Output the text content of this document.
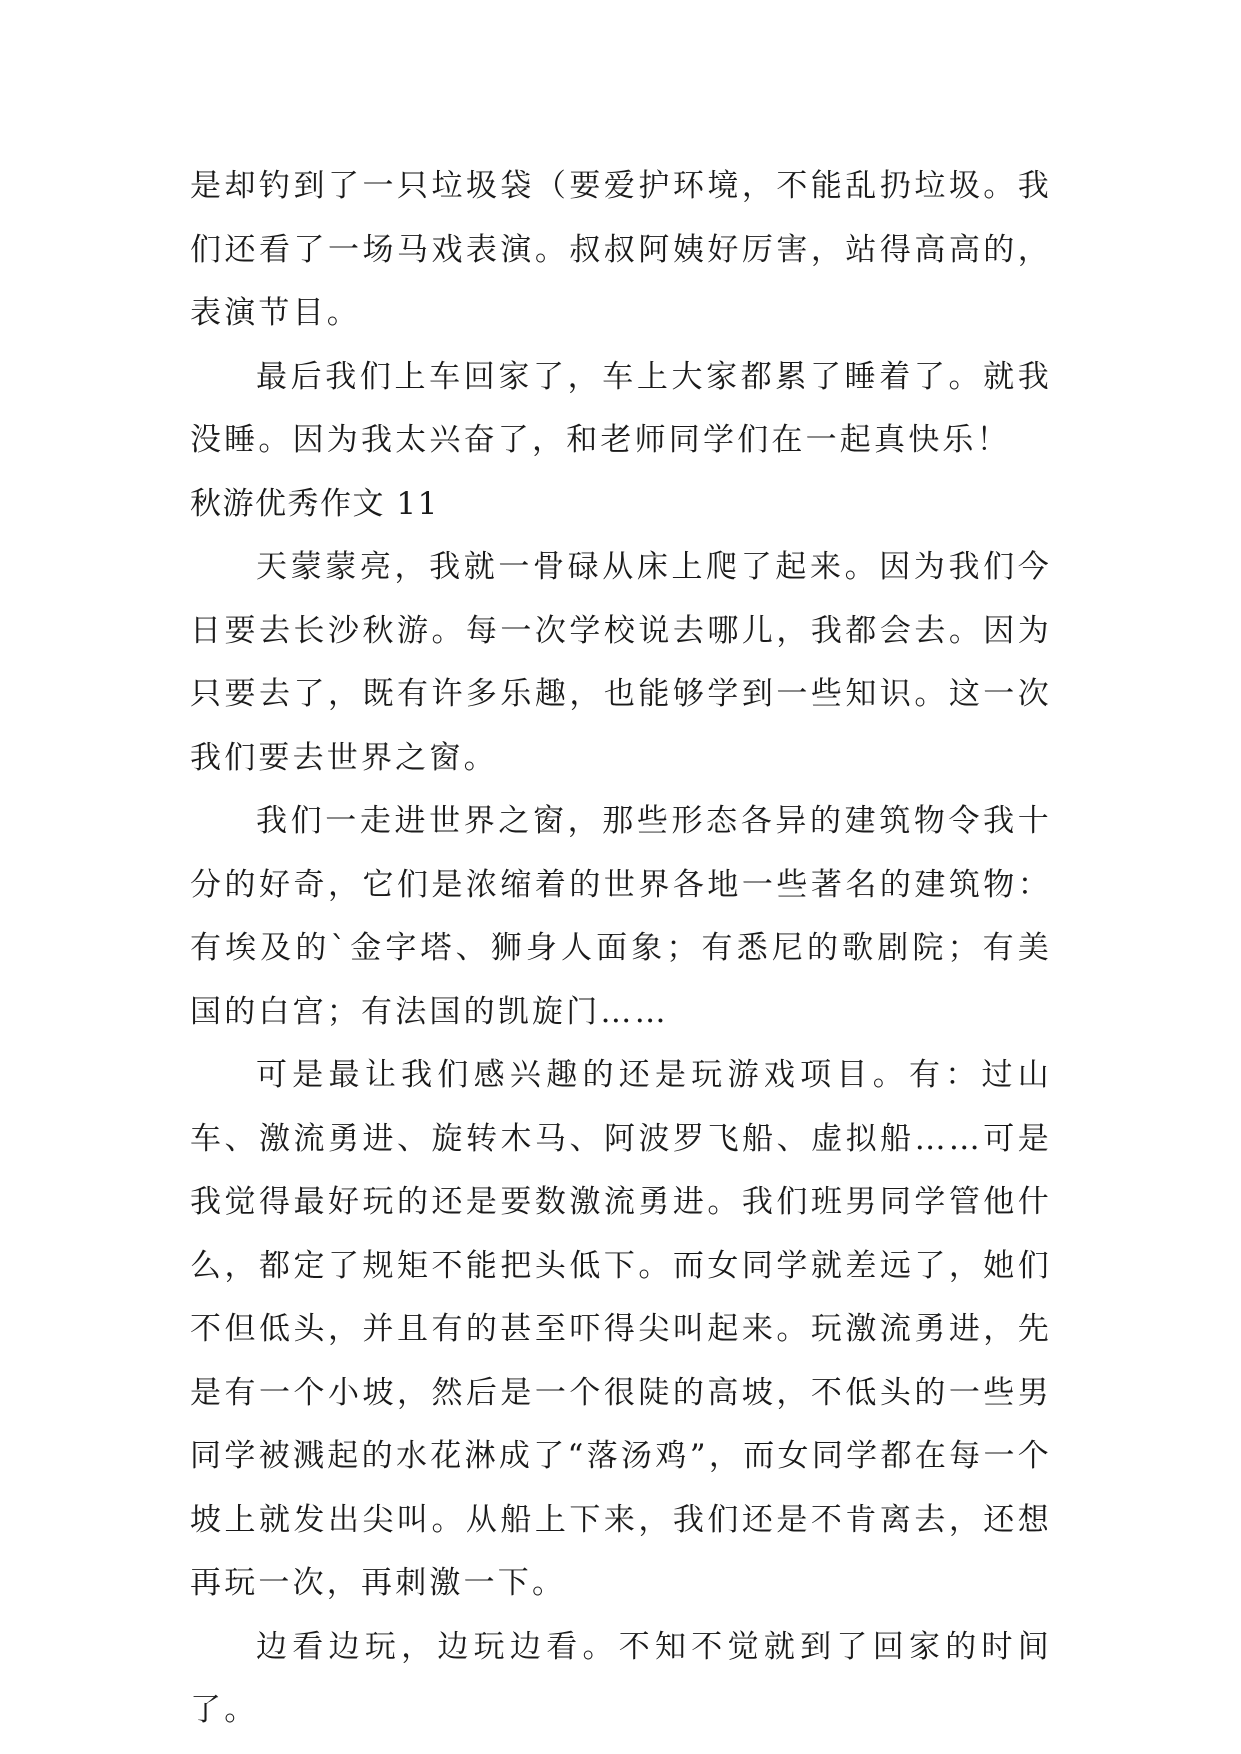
是却钓到了一只垃圾袋（要爱护环境，不能乱扔垃圾。我们还看了一场马戏表演。叔叔阿姨好厉害，站得高高的，表演节目。

最后我们上车回家了，车上大家都累了睡着了。就我没睡。因为我太兴奋了，和老师同学们在一起真快乐！

秋游优秀作文 11

天蒙蒙亮，我就一骨碌从床上爬了起来。因为我们今日要去长沙秋游。每一次学校说去哪儿，我都会去。因为只要去了，既有许多乐趣，也能够学到一些知识。这一次我们要去世界之窗。

我们一走进世界之窗，那些形态各异的建筑物令我十分的好奇，它们是浓缩着的世界各地一些著名的建筑物：有埃及的`金字塔、狮身人面象；有悉尼的歌剧院；有美国的白宫；有法国的凯旋门……

可是最让我们感兴趣的还是玩游戏项目。有：过山车、激流勇进、旋转木马、阿波罗飞船、虚拟船……可是我觉得最好玩的还是要数激流勇进。我们班男同学管他什么，都定了规矩不能把头低下。而女同学就差远了，她们不但低头，并且有的甚至吓得尖叫起来。玩激流勇进，先是有一个小坡，然后是一个很陡的高坡，不低头的一些男同学被溅起的水花淋成了“落汤鸡”，而女同学都在每一个坡上就发出尖叫。从船上下来，我们还是不肯离去，还想再玩一次，再刺激一下。

边看边玩，边玩边看。不知不觉就到了回家的时间了。
